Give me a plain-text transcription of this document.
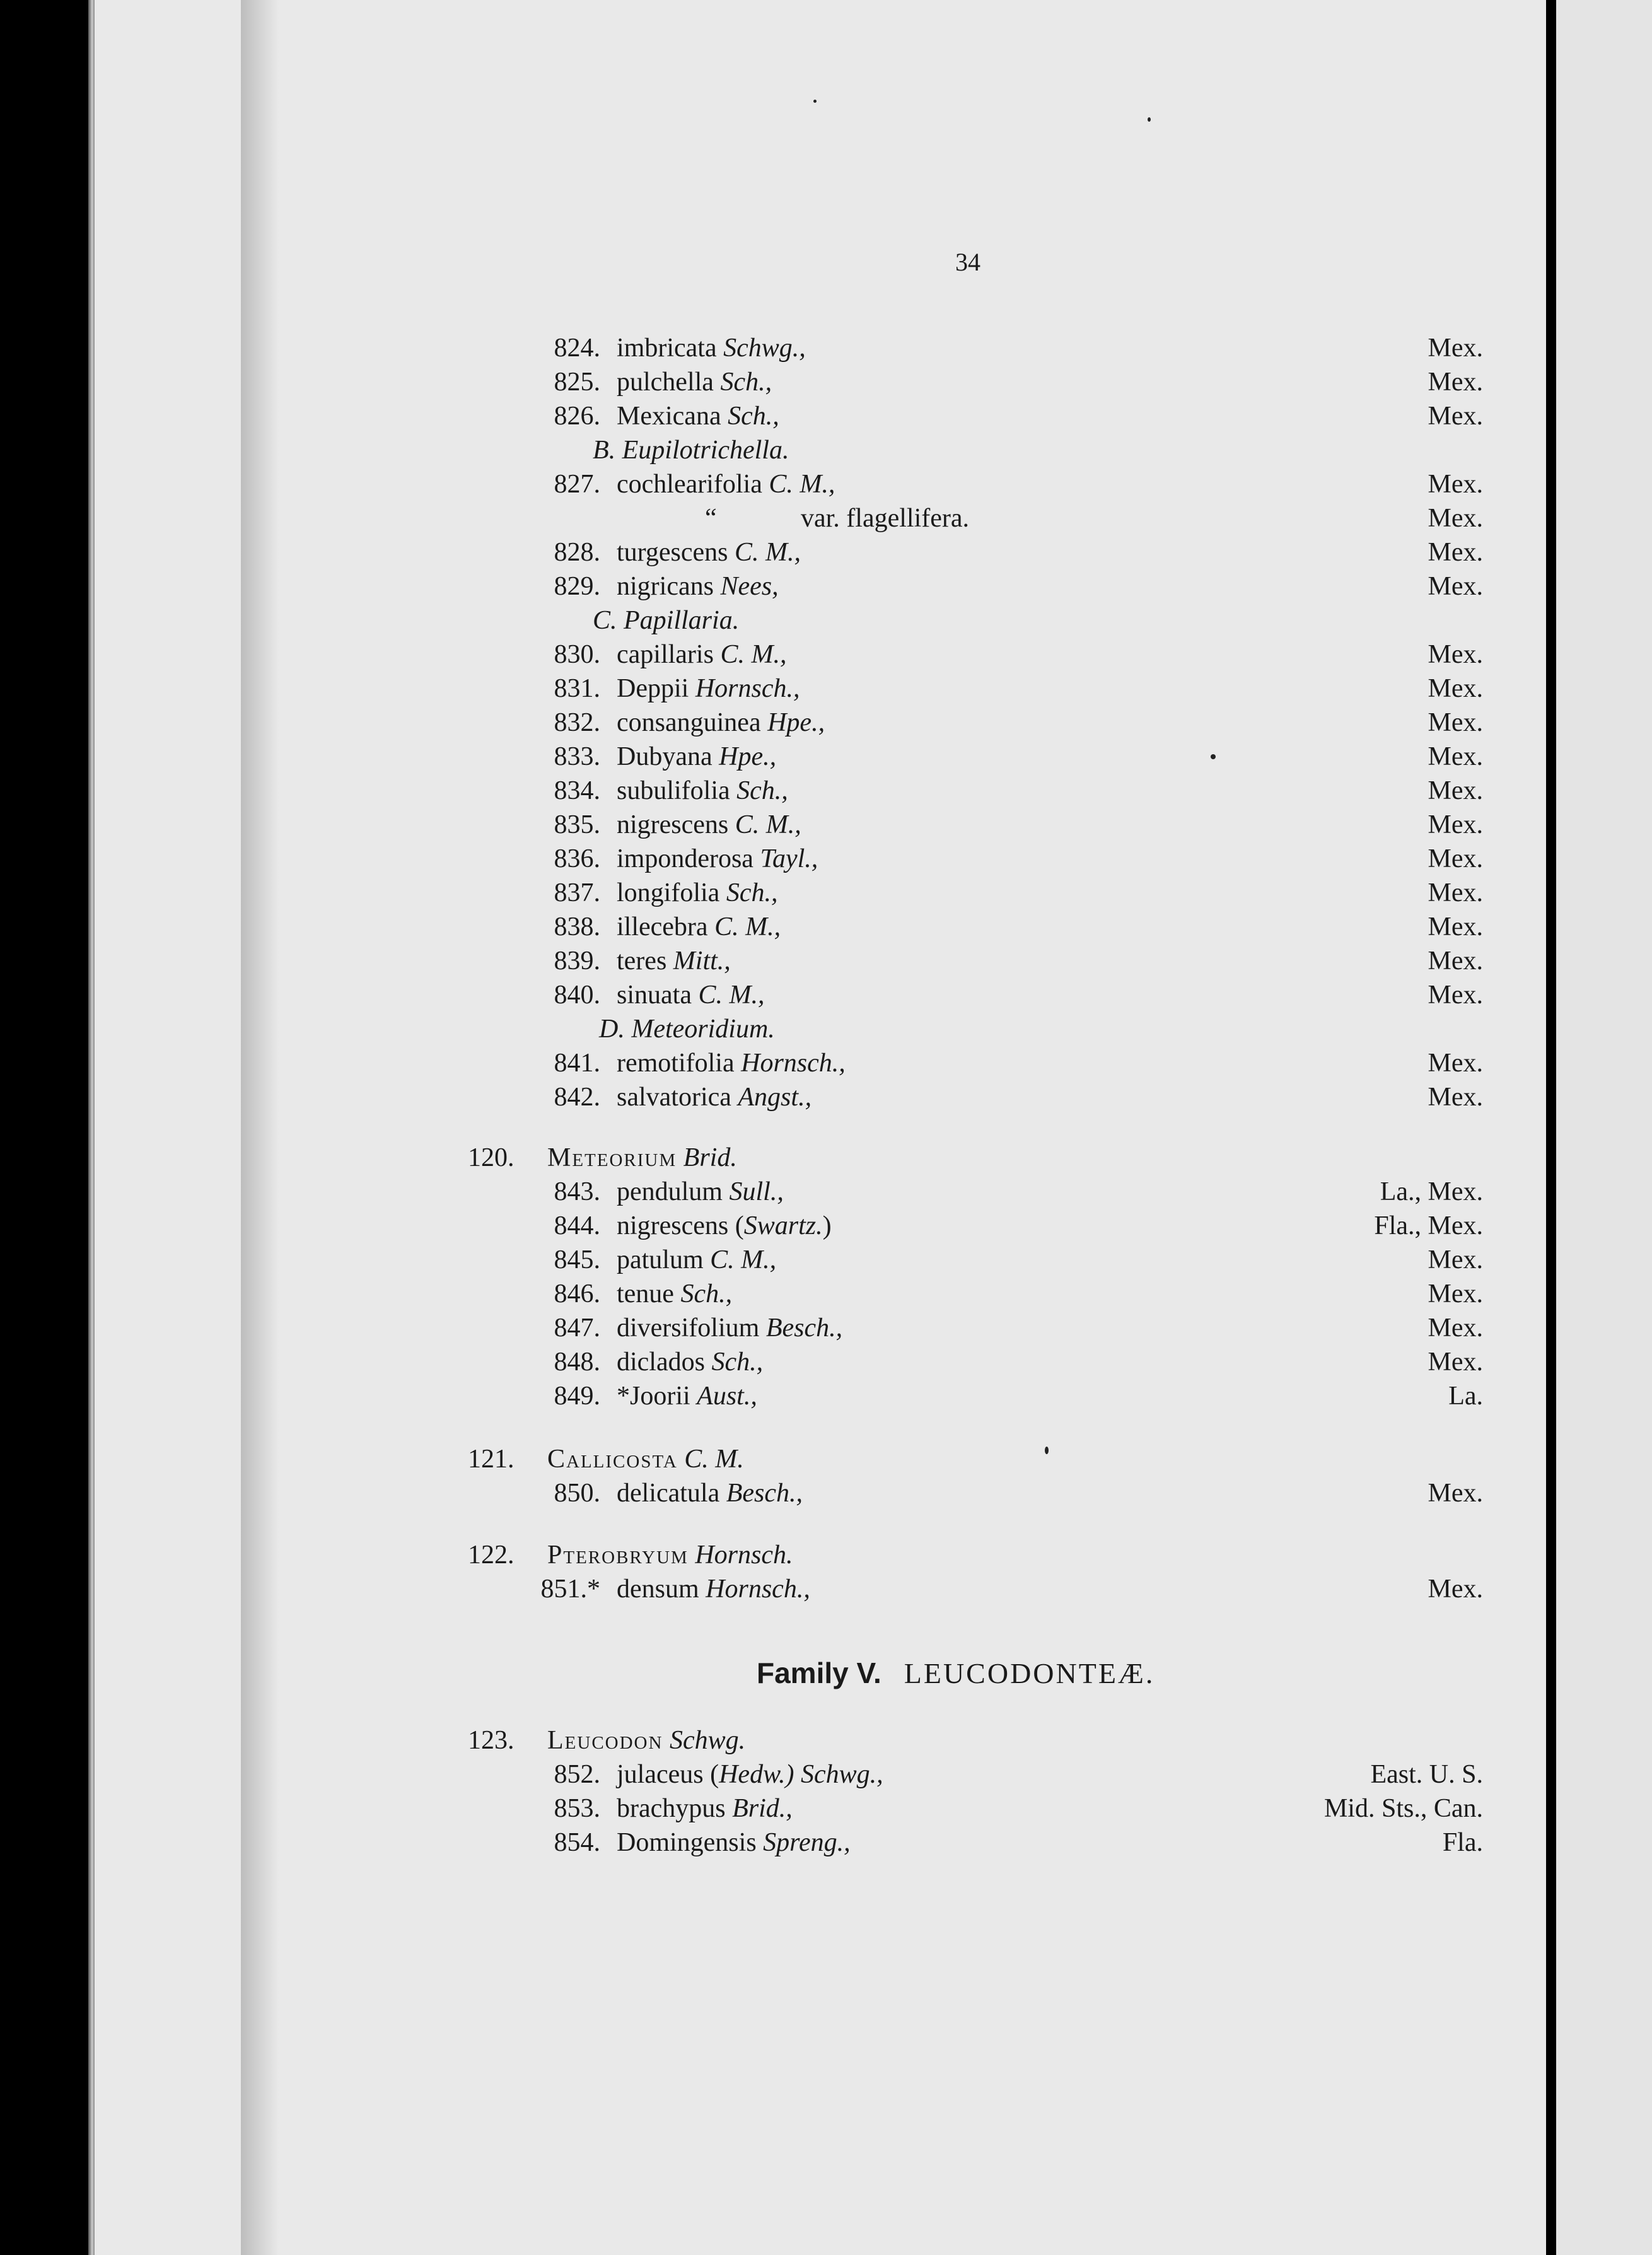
34
824. imbricata Schwg.,	Mex.
825. pulchella Sch.,	Mex.
826. Mexicana Sch.,	Mex.
B. Eupilotrichella.
827. cochlearifolia C. M.,	Mex.
“	var. flagellifera.	Mex.
828. turgescens C. M.,	Mex.
829. nigricans Nees,	Mex.
C. Papillaria.
830. capillaris C. M.,	Mex.
831. Deppii Hornsch.,	Mex.
832. consanguinea Hpe.,	Mex.
833. Dubyana Hpe.,	Mex.
834. subulifolia Sch.,	Mex.
835. nigrescens C. M.,	Mex.
836. imponderosa Tayl.,	Mex.
837. longifolia Sch.,	Mex.
838. illecebra C. M.,	Mex.
839. teres Mitt.,	Mex.
840. sinuata C. M.,	Mex.
D. Meteoridium.
841. remotifolia Hornsch.,	Mex.
842. salvatorica Angst.,	Mex.
120. Meteorium Brid.
843. pendulum Sull.,	La., Mex.
844. nigrescens (Swartz.)	Fla., Mex.
845. patulum C. M.,	Mex.
846. tenue Sch.,	Mex.
847. diversifolium Besch.,	Mex.
848. diclados Sch.,	Mex.
849. *Joorii Aust.,	La.
121. Callicosta C. M.
850. delicatula Besch.,	Mex.
122. Pterobryum Hornsch.
851.* densum Hornsch.,	Mex.
Family V. LEUCODONTEÆ.
123. Leucodon Schwg.
852. julaceus (Hedw.) Schwg.,	East. U. S.
853. brachypus Brid.,	Mid. Sts., Can.
854. Domingensis Spreng.,	Fla.
